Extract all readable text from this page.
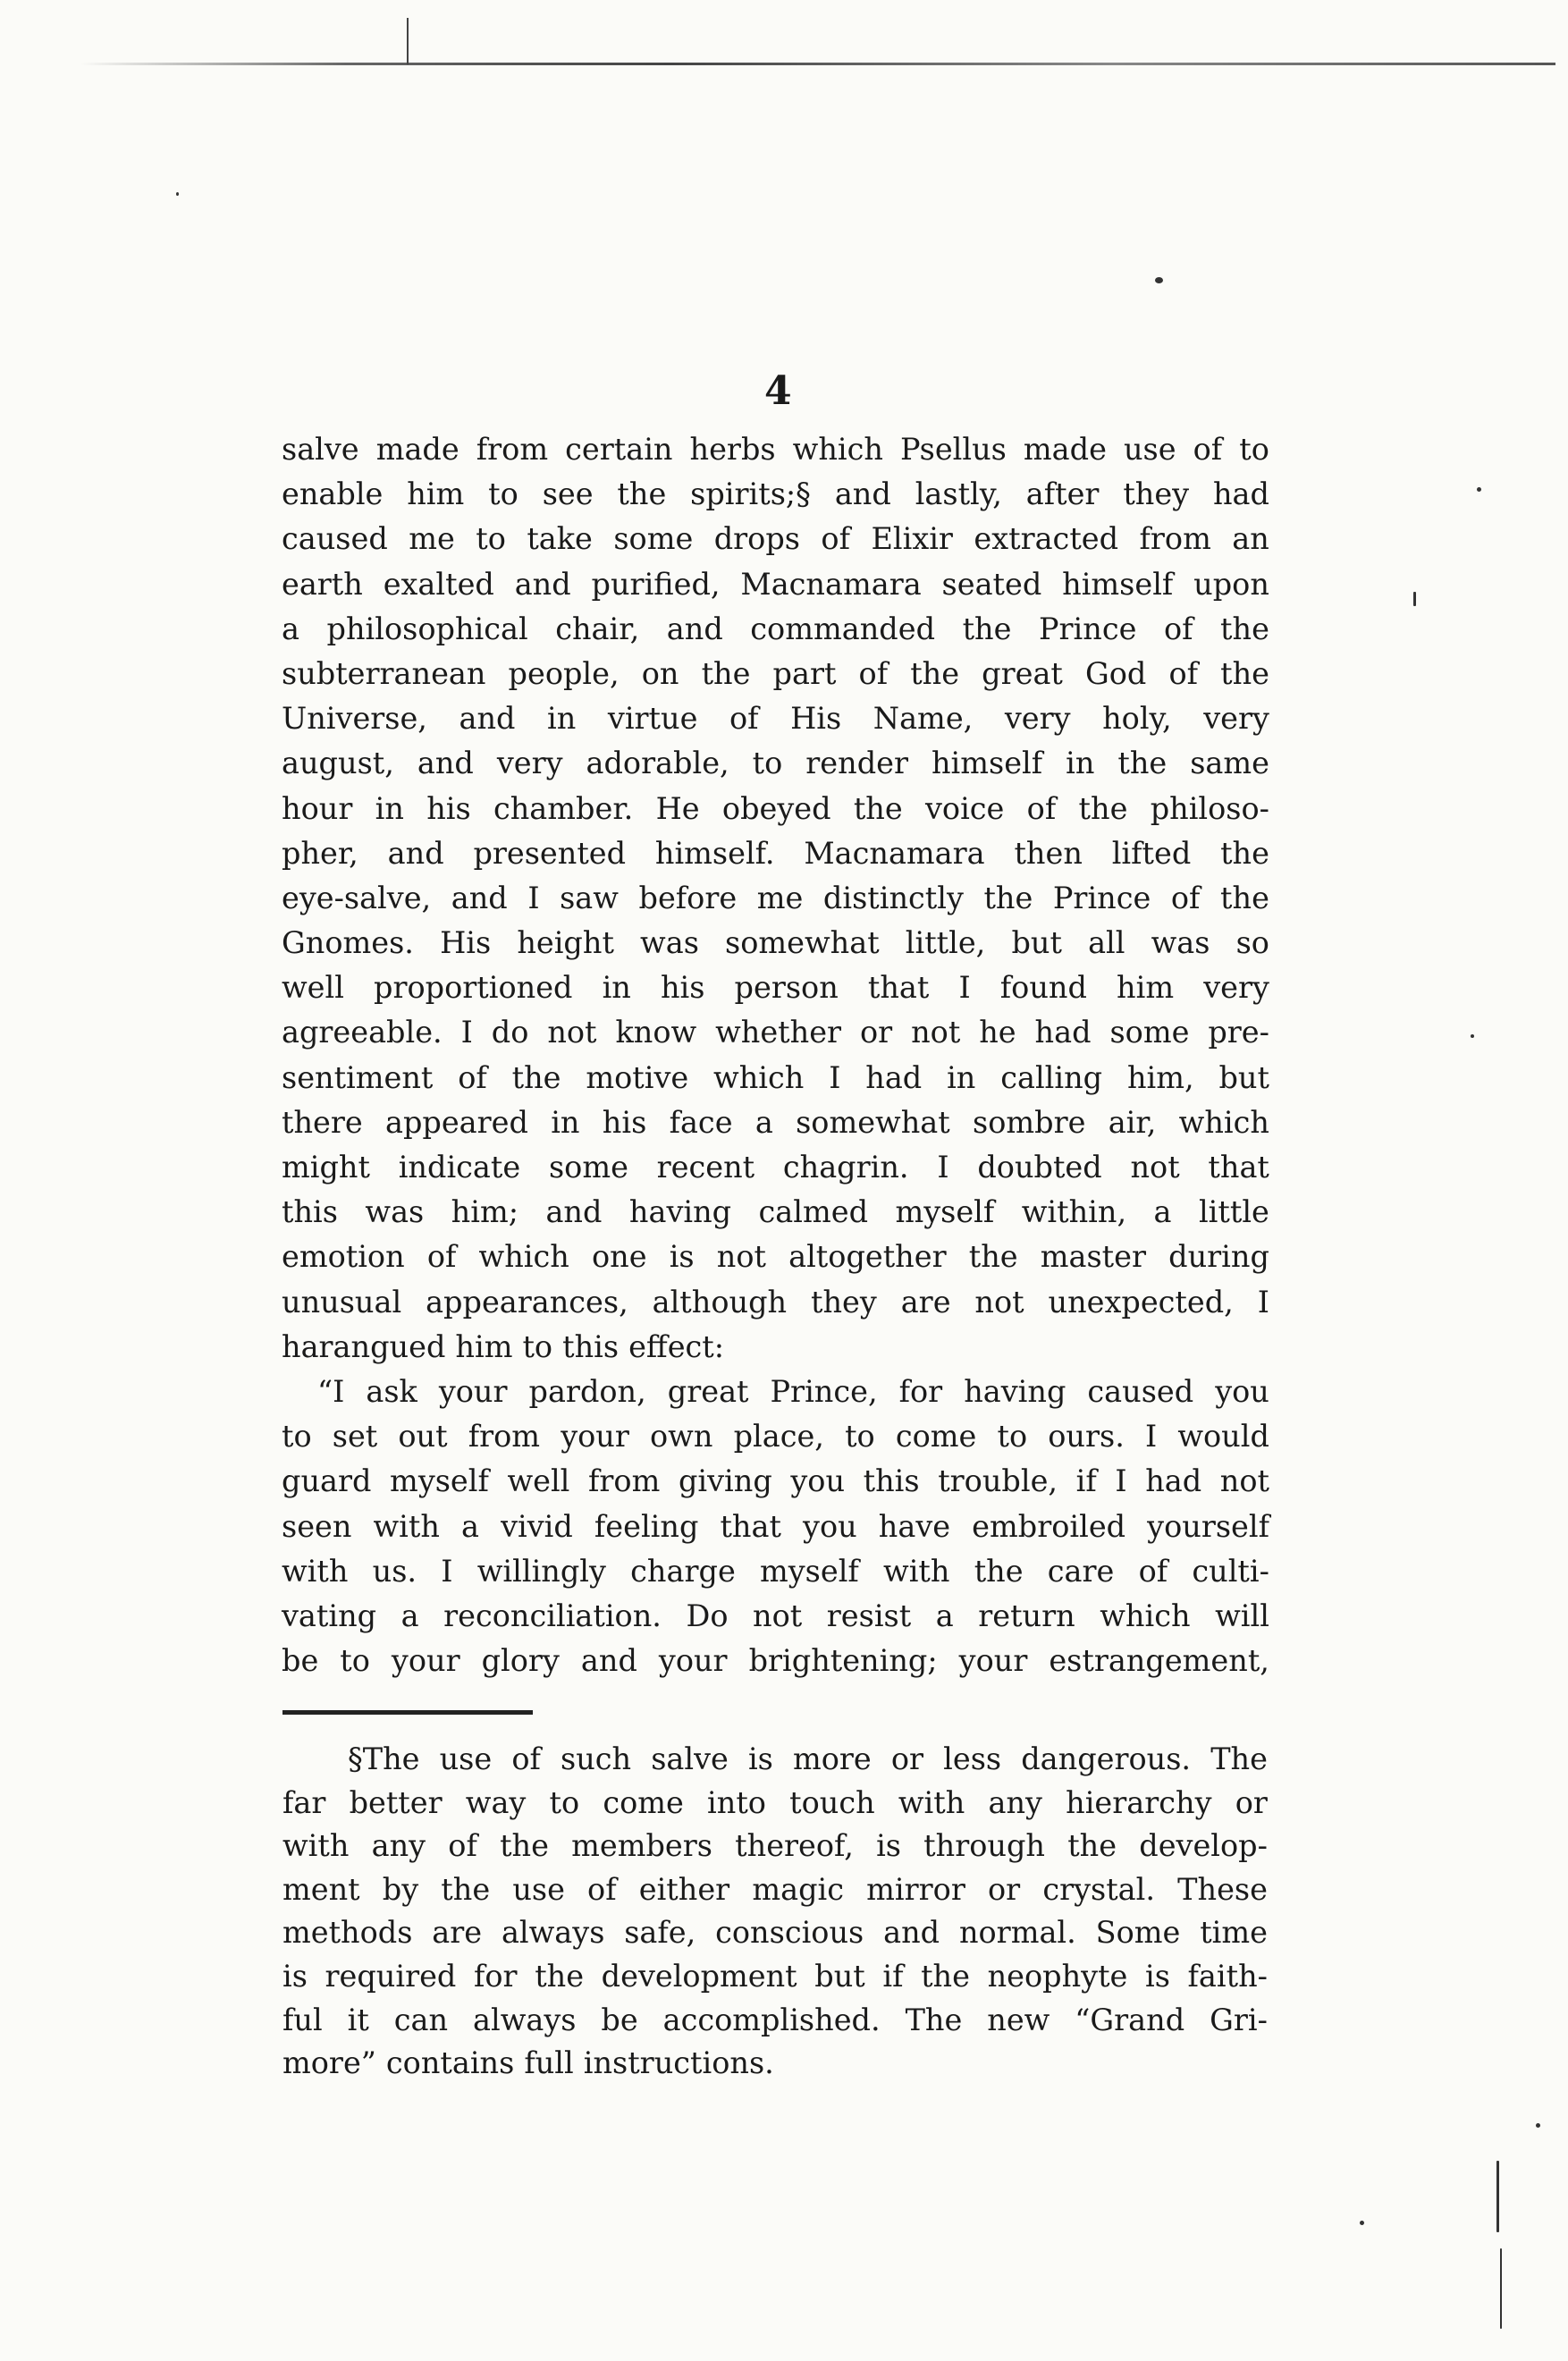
4
salve made from certain herbs which Psellus made use of to
enable him to see the spirits;§ and lastly, after they had
caused me to take some drops of Elixir extracted from an
earth exalted and purified, Macnamara seated himself upon
a philosophical chair, and commanded the Prince of the
subterranean people, on the part of the great God of the
Universe, and in virtue of His Name, very holy, very
august, and very adorable, to render himself in the same
hour in his chamber. He obeyed the voice of the philoso-
pher, and presented himself. Macnamara then lifted the
eye-salve, and I saw before me distinctly the Prince of the
Gnomes. His height was somewhat little, but all was so
well proportioned in his person that I found him very
agreeable. I do not know whether or not he had some pre-
sentiment of the motive which I had in calling him, but
there appeared in his face a somewhat sombre air, which
might indicate some recent chagrin. I doubted not that
this was him; and having calmed myself within, a little
emotion of which one is not altogether the master during
unusual appearances, although they are not unexpected, I
harangued him to this effect:
“I ask your pardon, great Prince, for having caused you
to set out from your own place, to come to ours. I would
guard myself well from giving you this trouble, if I had not
seen with a vivid feeling that you have embroiled yourself
with us. I willingly charge myself with the care of culti-
vating a reconciliation. Do not resist a return which will
be to your glory and your brightening; your estrangement,
§The use of such salve is more or less dangerous. The
far better way to come into touch with any hierarchy or
with any of the members thereof, is through the develop-
ment by the use of either magic mirror or crystal. These
methods are always safe, conscious and normal. Some time
is required for the development but if the neophyte is faith-
ful it can always be accomplished. The new “Grand Gri-
more” contains full instructions.
